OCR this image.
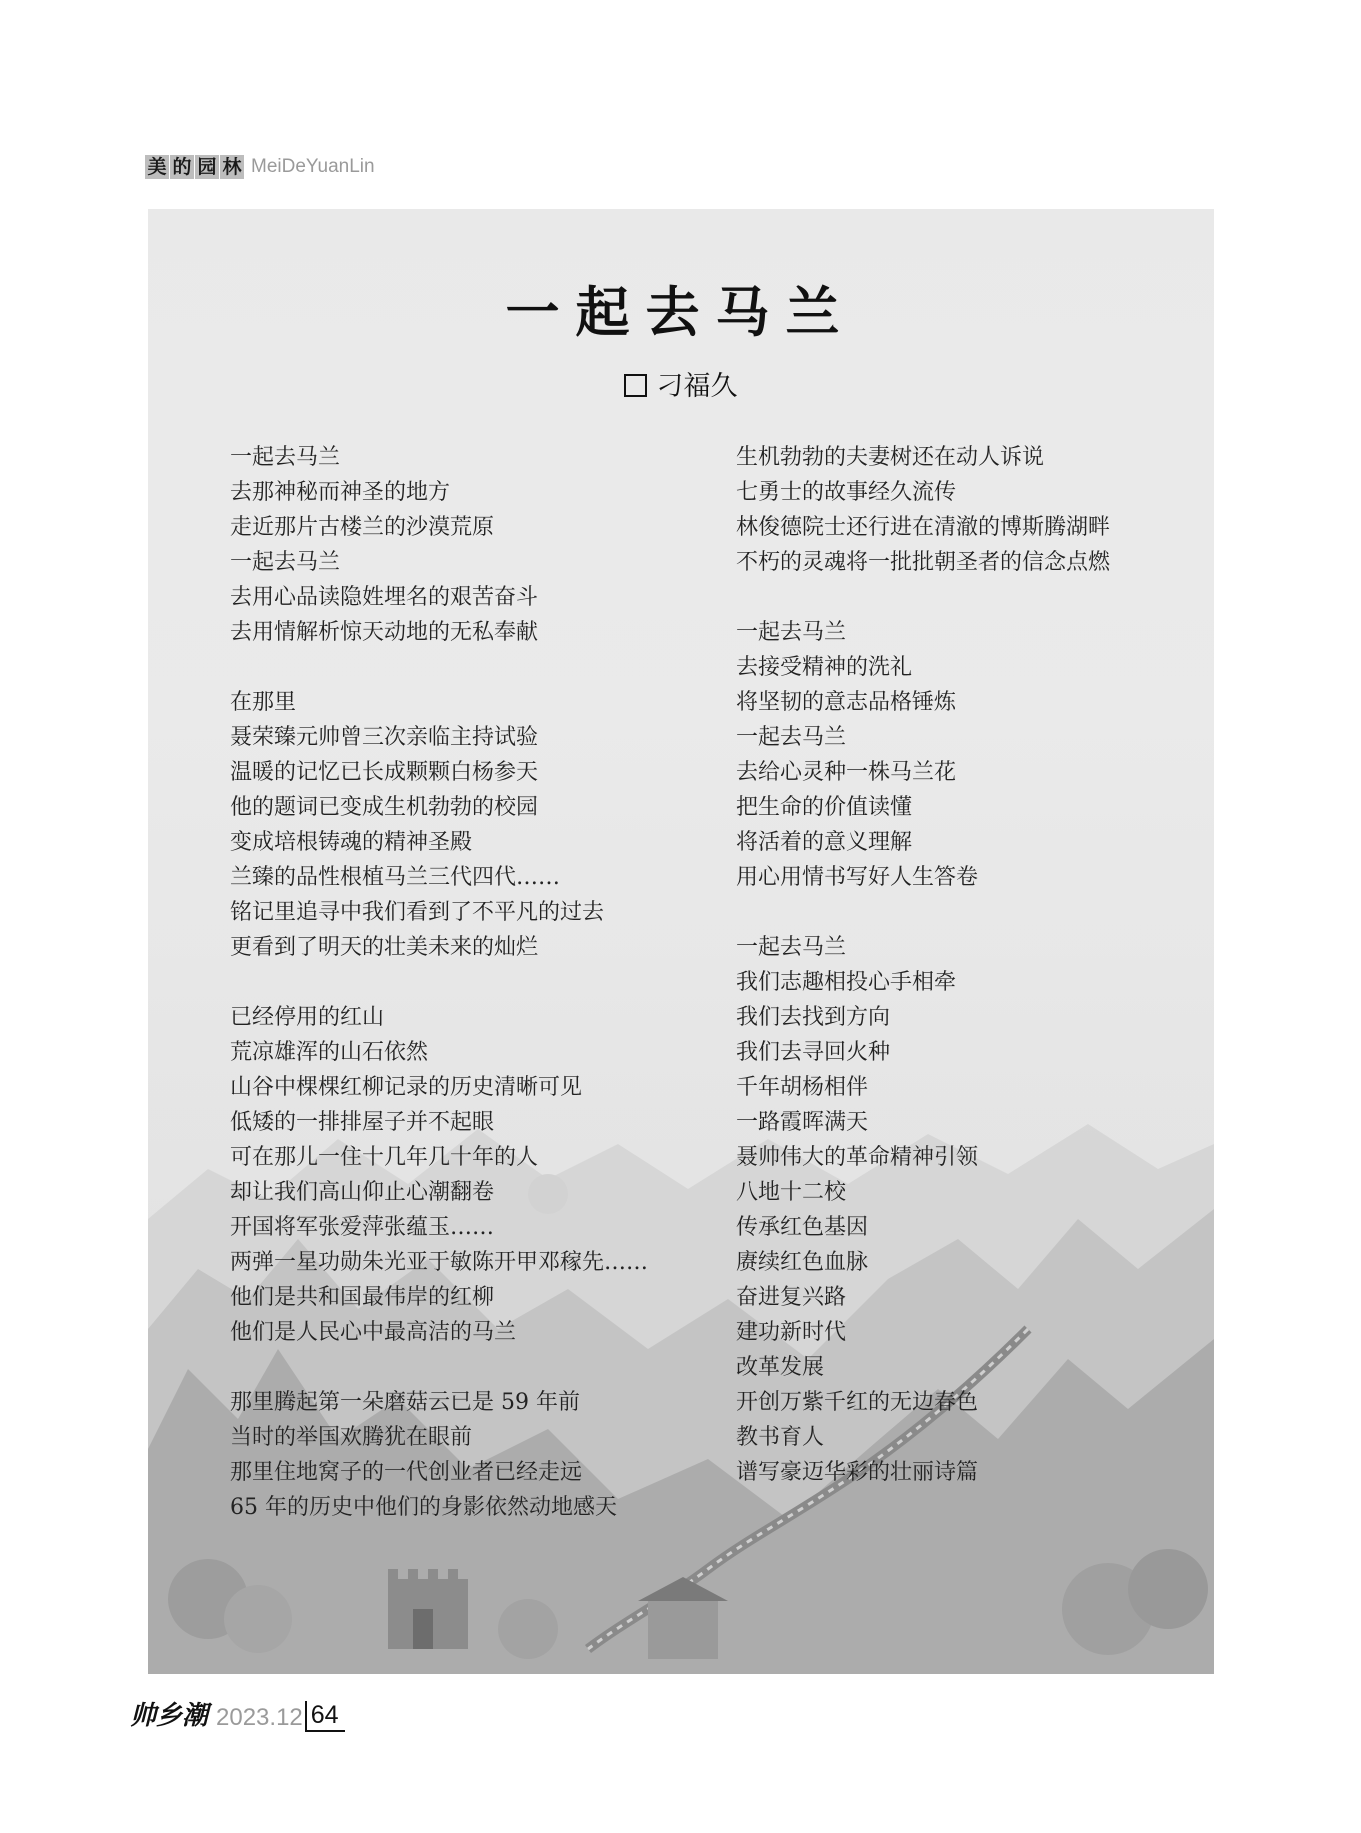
美 的 园 林 MeiDeYuanLin
一起去马兰
刁福久
一起去马兰
去那神秘而神圣的地方
走近那片古楼兰的沙漠荒原
一起去马兰
去用心品读隐姓埋名的艰苦奋斗
去用情解析惊天动地的无私奉献
在那里
聂荣臻元帅曾三次亲临主持试验
温暖的记忆已长成颗颗白杨参天
他的题词已变成生机勃勃的校园
变成培根铸魂的精神圣殿
兰臻的品性根植马兰三代四代……
铭记里追寻中我们看到了不平凡的过去
更看到了明天的壮美未来的灿烂
已经停用的红山
荒凉雄浑的山石依然
山谷中棵棵红柳记录的历史清晰可见
低矮的一排排屋子并不起眼
可在那儿一住十几年几十年的人
却让我们高山仰止心潮翻卷
开国将军张爱萍张蕴玉……
两弹一星功勋朱光亚于敏陈开甲邓稼先……
他们是共和国最伟岸的红柳
他们是人民心中最高洁的马兰
那里腾起第一朵磨菇云已是 59 年前
当时的举国欢腾犹在眼前
那里住地窝子的一代创业者已经走远
65 年的历史中他们的身影依然动地感天
生机勃勃的夫妻树还在动人诉说
七勇士的故事经久流传
林俊德院士还行进在清澈的博斯腾湖畔
不朽的灵魂将一批批朝圣者的信念点燃
一起去马兰
去接受精神的洗礼
将坚韧的意志品格锤炼
一起去马兰
去给心灵种一株马兰花
把生命的价值读懂
将活着的意义理解
用心用情书写好人生答卷
一起去马兰
我们志趣相投心手相牵
我们去找到方向
我们去寻回火种
千年胡杨相伴
一路霞晖满天
聂帅伟大的革命精神引领
八地十二校
传承红色基因
赓续红色血脉
奋进复兴路
建功新时代
改革发展
开创万紫千红的无边春色
教书育人
谱写豪迈华彩的壮丽诗篇
帅乡潮 2023.12 64
